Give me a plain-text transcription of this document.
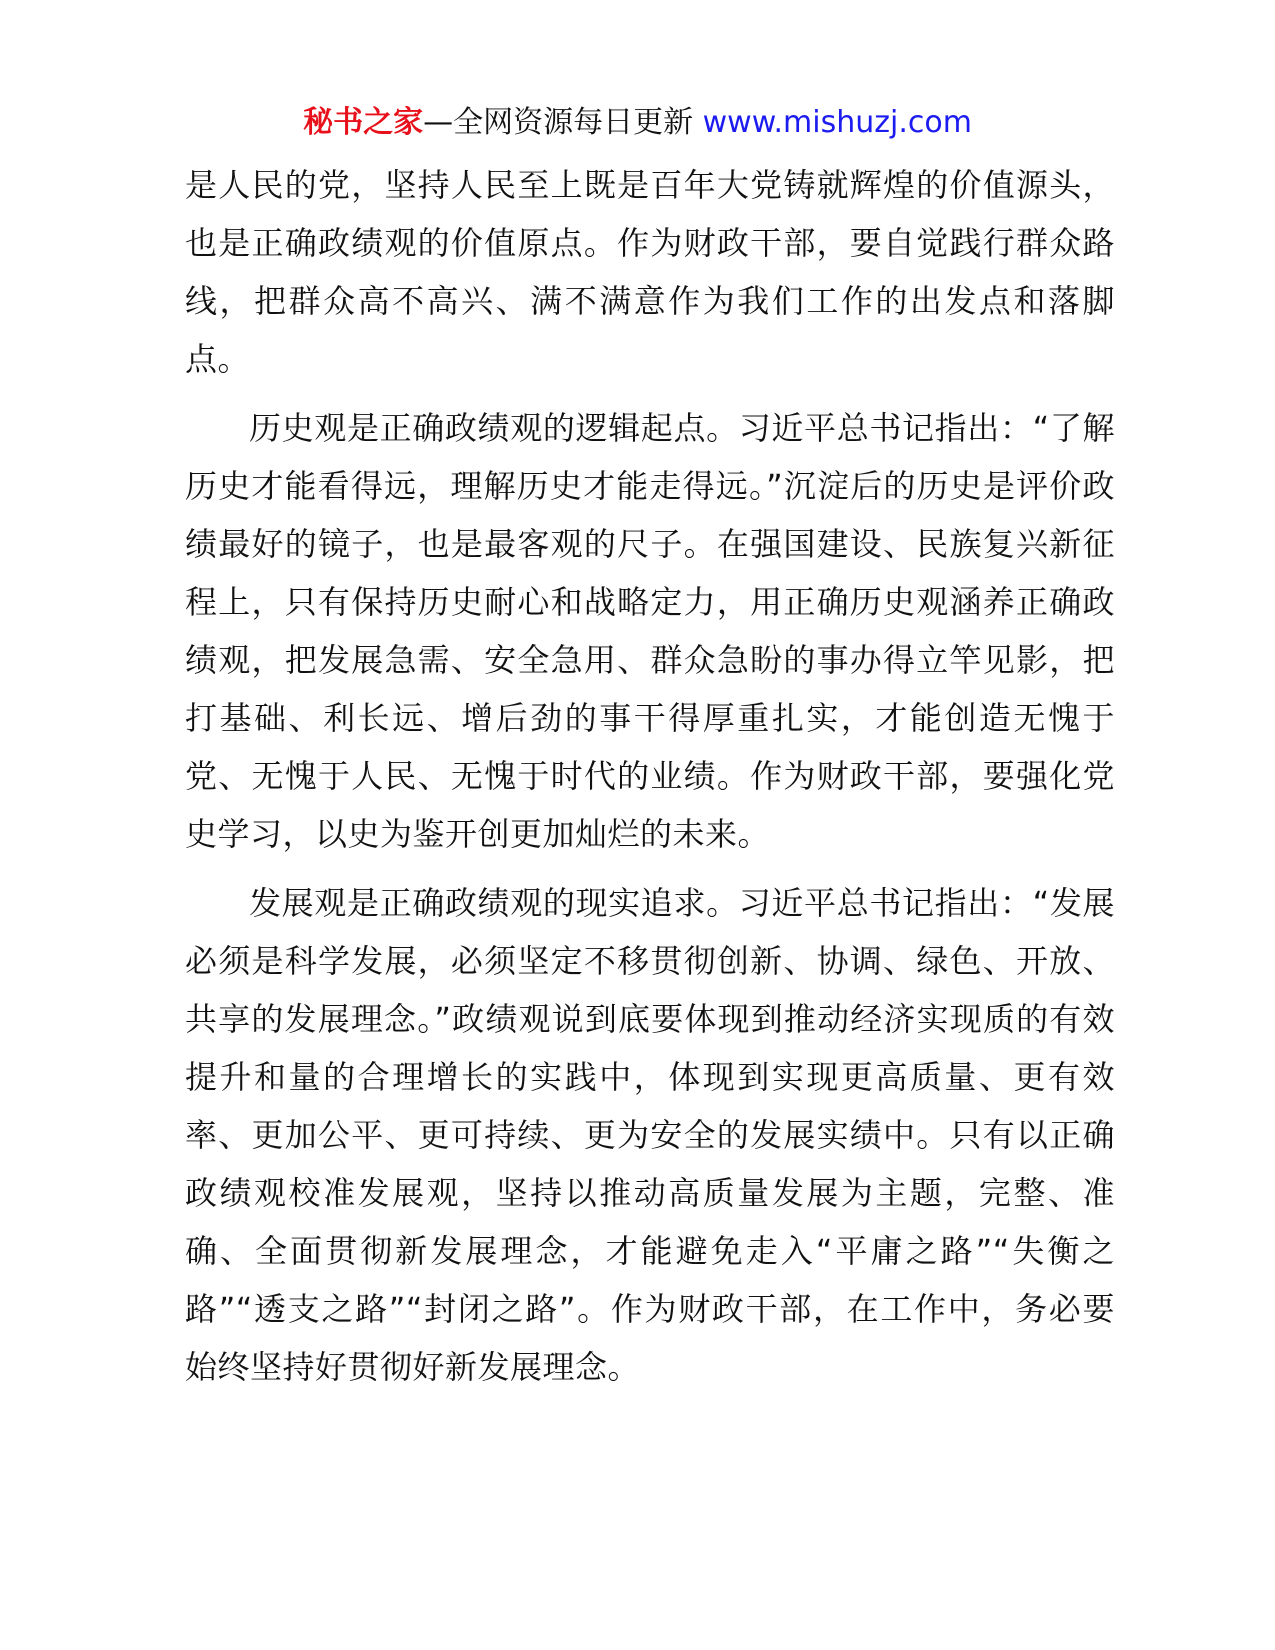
秘书之家—全网资源每日更新 www.mishuzj.com

是人民的党，坚持人民至上既是百年大党铸就辉煌的价值源头，也是正确政绩观的价值原点。作为财政干部，要自觉践行群众路线，把群众高不高兴、满不满意作为我们工作的出发点和落脚点。

历史观是正确政绩观的逻辑起点。习近平总书记指出：“了解历史才能看得远，理解历史才能走得远。”沉淀后的历史是评价政绩最好的镜子，也是最客观的尺子。在强国建设、民族复兴新征程上，只有保持历史耐心和战略定力，用正确历史观涵养正确政绩观，把发展急需、安全急用、群众急盼的事办得立竿见影，把打基础、利长远、增后劲的事干得厚重扎实，才能创造无愧于党、无愧于人民、无愧于时代的业绩。作为财政干部，要强化党史学习，以史为鉴开创更加灿烂的未来。

发展观是正确政绩观的现实追求。习近平总书记指出：“发展必须是科学发展，必须坚定不移贯彻创新、协调、绿色、开放、共享的发展理念。”政绩观说到底要体现到推动经济实现质的有效提升和量的合理增长的实践中，体现到实现更高质量、更有效率、更加公平、更可持续、更为安全的发展实绩中。只有以正确政绩观校准发展观，坚持以推动高质量发展为主题，完整、准确、全面贯彻新发展理念，才能避免走入“平庸之路”“失衡之路”“透支之路”“封闭之路”。作为财政干部，在工作中，务必要始终坚持好贯彻好新发展理念。
